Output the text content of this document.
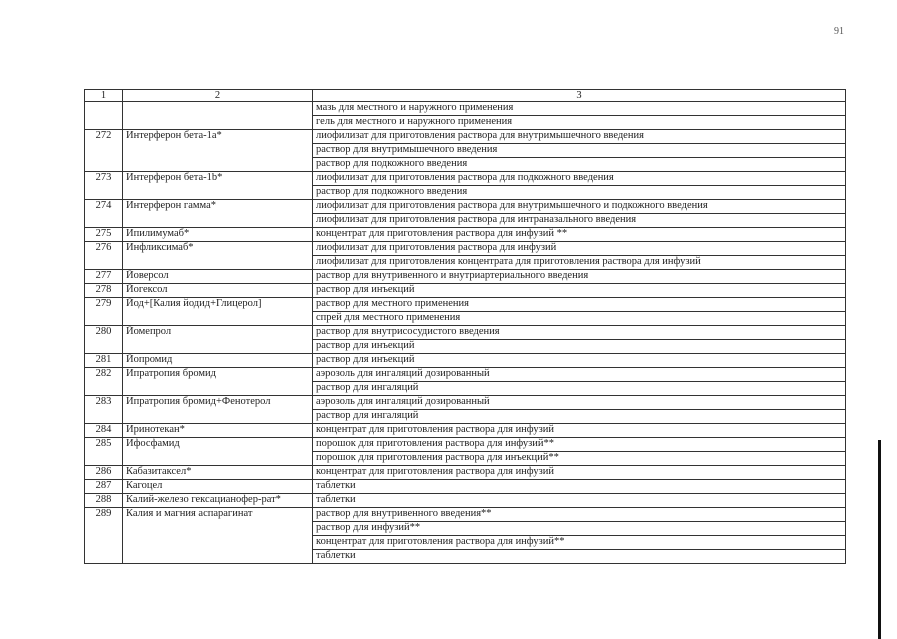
91
1	2	3
		мазь для местного и наружного применения
		гель для местного и наружного применения
272	Интерферон бета-1а*	лиофилизат для приготовления раствора для внутримышечного введения
		раствор для внутримышечного введения
		раствор для подкожного введения
273	Интерферон бета-1b*	лиофилизат для приготовления раствора для подкожного введения
		раствор для подкожного введения
274	Интерферон гамма*	лиофилизат для приготовления раствора для внутримышечного и подкожного введения
		лиофилизат для приготовления раствора для интраназального введения
275	Ипилимумаб*	концентрат для приготовления раствора для инфузий **
276	Инфликсимаб*	лиофилизат для приготовления раствора для инфузий
		лиофилизат для приготовления концентрата для приготовления раствора для инфузий
277	Йоверсол	раствор для внутривенного и внутриартериального введения
278	Йогексол	раствор для инъекций
279	Йод+[Калия йодид+Глицерол]	раствор для местного применения
		спрей для местного применения
280	Йомепрол	раствор для внутрисосудистого введения
		раствор для инъекций
281	Йопромид	раствор для инъекций
282	Ипратропия бромид	аэрозоль для ингаляций дозированный
		раствор для ингаляций
283	Ипратропия бромид+Фенотерол	аэрозоль для ингаляций дозированный
		раствор для ингаляций
284	Иринотекан*	концентрат для приготовления раствора для инфузий
285	Ифосфамид	порошок для приготовления раствора для инфузий**
		порошок для приготовления раствора для инъекций**
286	Кабазитаксел*	концентрат для приготовления раствора для инфузий
287	Кагоцел	таблетки
288	Калий-железо гексацианофер-рат*	таблетки
289	Калия и магния аспарагинат	раствор для внутривенного введения**
		раствор для инфузий**
		концентрат для приготовления раствора для инфузий**
		таблетки
